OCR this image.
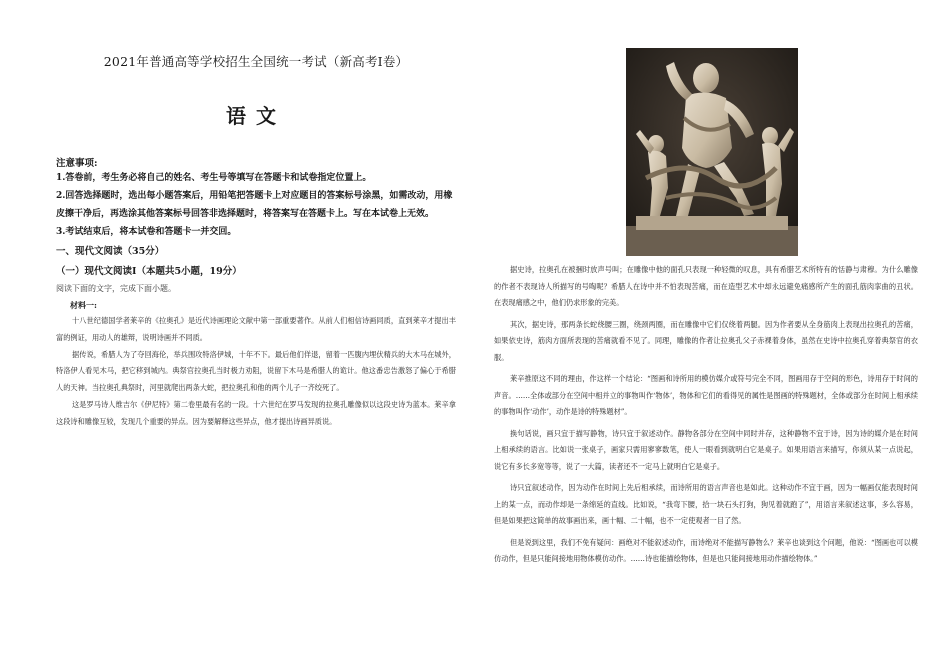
2021年普通高等学校招生全国统一考试（新高考Ⅰ卷）
语文
注意事项:
1.答卷前，考生务必将自己的姓名、考生号等填写在答题卡和试卷指定位置上。
2.回答选择题时，选出每小题答案后，用铅笔把答题卡上对应题目的答案标号涂黑，如需改动，用橡皮擦干净后，再选涂其他答案标号回答非选择题时，将答案写在答题卡上。写在本试卷上无效。
3.考试结束后，将本试卷和答题卡一并交回。
一、现代文阅读（35分）
（一）现代文阅读Ⅰ（本题共5小题，19分）
阅读下面的文字，完成下面小题。
材料一:

十八世纪德国学者莱辛的《拉奥孔》是近代诗画理论文献中第一部重要著作。从前人们相信诗画同质，直到莱辛才提出丰富的例证，用动人的雄辩，说明诗画并不同质。

据传说，希腊人为了夺回海伦，举兵围攻特洛伊城，十年不下。最后他们佯退，留着一匹腹内埋伏精兵的大木马在城外，特洛伊人看见木马，把它移到城内。典祭官拉奥孔当时极力劝阻，说留下木马是希腊人的诡计。他这番忠告激怒了偏心于希腊人的天神。当拉奥孔典祭时，河里就爬出两条大蛇，把拉奥孔和他的两个儿子一齐绞死了。

这是罗马诗人维吉尔《伊尼特》第二卷里最有名的一段。十六世纪在罗马发现的拉奥孔雕像似以这段史诗为蓝本。莱辛拿这段诗和雕像互较，发现几个重要的异点。因为要解释这些异点，他才提出诗画异质说。

据史诗，拉奥孔在被捆时放声号叫；在雕像中他的面孔只表现一种轻微的叹息，具有希腊艺术所特有的恬静与肃穆。为什么雕像的作者不表现诗人所描写的号啕呢？希腊人在诗中并不怕表现苦痛，而在造型艺术中却永远避免痛感所产生的面孔筋肉挛曲的丑状。在表现痛感之中，他们仍求形象的完美。

其次，据史诗，那两条长蛇绕腰三圈，绕颈两圈，而在雕像中它们仅绕着两腿。因为作者要从全身筋肉上表现出拉奥孔的苦痛，如果依史诗，筋肉方面所表现的苦痛就看不见了。同理，雕像的作者让拉奥孔父子赤裸着身体，虽然在史诗中拉奥孔穿着典祭官的衣服。

莱辛推原这不同的理由，作这样一个结论：“图画和诗所用的模仿媒介或符号完全不同，图画用存于空间的形色，诗用存于时间的声音。……全体或部分在空间中相并立的事物叫作‘物体’，物体和它们的看得见的属性是图画的特殊题材，全体或部分在时间上相承续的事物叫作‘动作’，动作是诗的特殊题材”。

换句话说，画只宜于描写静物，诗只宜于叙述动作。静物各部分在空间中同时并存，这种静物不宜于诗，因为诗的媒介是在时间上相承续的语言。比如说一张桌子，画家只需用寥寥数笔，使人一眼看到就明白它是桌子。如果用语言来描写，你须从某一点说起，说它有多长多宽等等，说了一大篇，读者还不一定马上就明白它是桌子。

诗只宜叙述动作，因为动作在时间上先后相承续，而诗所用的语言声音也是如此。这种动作不宜于画，因为一幅画仅能表现时间上的某一点，而动作却是一条绵延的直线。比如说，“我弯下腰，拾一块石头打狗，狗见着就跑了”，用语言来叙述这事，多么容易，但是如果把这简单的故事画出来，画十幅、二十幅，也不一定使观者一目了然。

但是说到这里，我们不免有疑问：画绝对不能叙述动作，而诗绝对不能描写静物么？莱辛也谈到这个问题，他说：“图画也可以模仿动作，但是只能间接地用物体模仿动作。……诗也能描绘物体，但是也只能间接地用动作描绘物体。”
